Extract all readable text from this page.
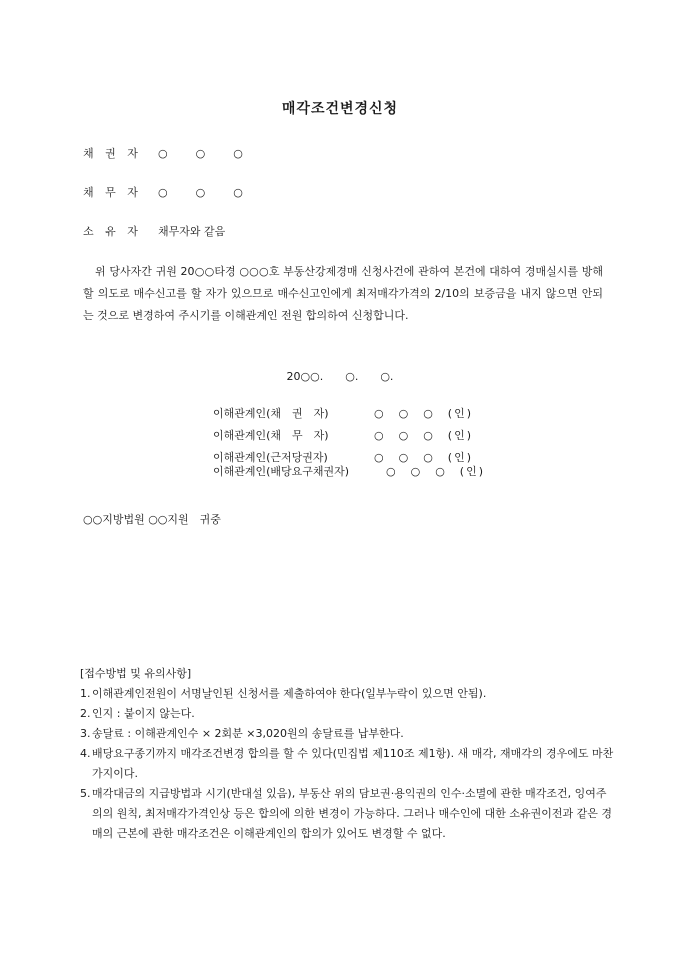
매각조건변경신청
채 권 자 ○　　○　　○
채 무 자 ○　　○　　○
소 유 자 채무자와 같음

위 당사자간 귀원 20○○타경 ○○○호 부동산강제경매 신청사건에 관하여 본건에 대하여 경매실시를 방해할 의도로 매수신고를 할 자가 있으므로 매수신고인에게 최저매각가격의 2/10의 보증금을 내지 않으면 안되는 것으로 변경하여 주시기를 이해관계인 전원 합의하여 신청합니다.

20○○.　　○.　　○.
이해관계인(채　권　자)	○　○　○　(인)
이해관계인(채　무　자)	○　○　○　(인)
이해관계인(근저당권자)	○　○　○　(인)
이해관계인(배당요구채권자)	○　○　○　(인)
○○지방법원 ○○지원　귀중

[접수방법 및 유의사항]

1. 이해관계인전원이 서명날인된 신청서를 제출하여야 한다(일부누락이 있으면 안됨).
2. 인지 : 붙이지 않는다.
3. 송달료 : 이해관계인수 × 2회분 ×3,020원의 송달료를 납부한다.
4. 배당요구종기까지 매각조건변경 합의를 할 수 있다(민집법 제110조 제1항). 새 매각, 재매각의 경우에도 마찬가지이다.
5. 매각대금의 지급방법과 시기(반대설 있음), 부동산 위의 담보권·용익권의 인수·소멸에 관한 매각조건, 잉여주의의 원칙, 최저매각가격인상 등은 합의에 의한 변경이 가능하다. 그러나 매수인에 대한 소유권이전과 같은 경매의 근본에 관한 매각조건은 이해관계인의 합의가 있어도 변경할 수 없다.
